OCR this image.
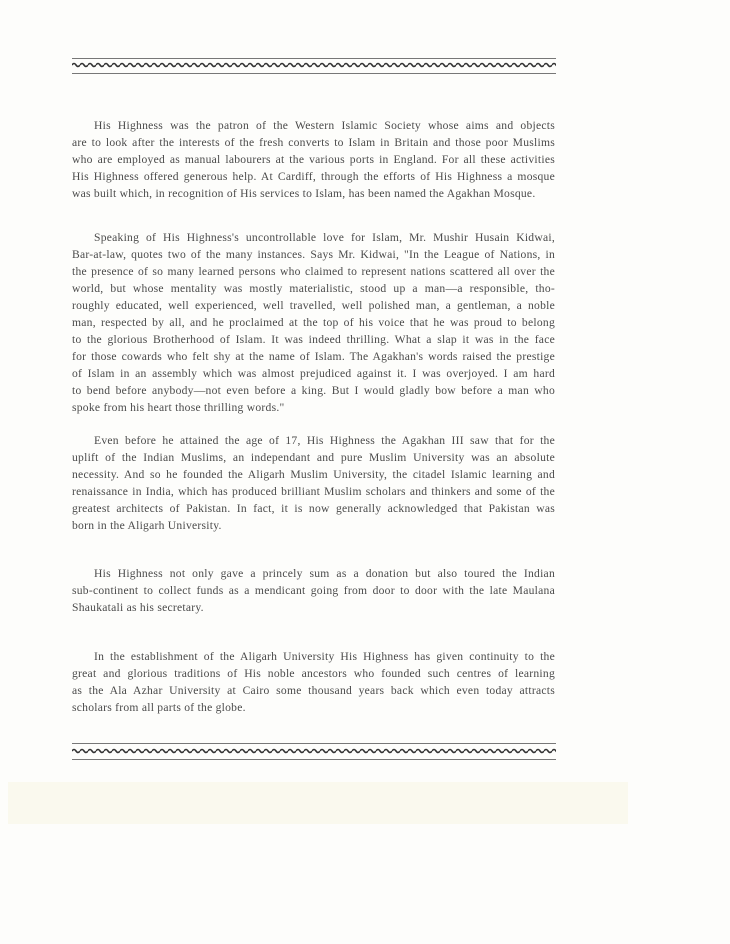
His Highness was the patron of the Western Islamic Society whose aims and objects
are to look after the interests of the fresh converts to Islam in Britain and those poor Muslims
who are employed as manual labourers at the various ports in England. For all these activities
His Highness offered generous help. At Cardiff, through the efforts of His Highness a mosque
was built which, in recognition of His services to Islam, has been named the Agakhan Mosque.
Speaking of His Highness's uncontrollable love for Islam, Mr. Mushir Husain Kidwai,
Bar-at-law, quotes two of the many instances. Says Mr. Kidwai, "In the League of Nations, in
the presence of so many learned persons who claimed to represent nations scattered all over the
world, but whose mentality was mostly materialistic, stood up a man—a responsible, tho-
roughly educated, well experienced, well travelled, well polished man, a gentleman, a noble
man, respected by all, and he proclaimed at the top of his voice that he was proud to belong
to the glorious Brotherhood of Islam. It was indeed thrilling. What a slap it was in the face
for those cowards who felt shy at the name of Islam. The Agakhan's words raised the prestige
of Islam in an assembly which was almost prejudiced against it. I was overjoyed. I am hard
to bend before anybody—not even before a king. But I would gladly bow before a man who
spoke from his heart those thrilling words."
Even before he attained the age of 17, His Highness the Agakhan III saw that for the
uplift of the Indian Muslims, an independant and pure Muslim University was an absolute
necessity. And so he founded the Aligarh Muslim University, the citadel Islamic learning and
renaissance in India, which has produced brilliant Muslim scholars and thinkers and some of the
greatest architects of Pakistan. In fact, it is now generally acknowledged that Pakistan was
born in the Aligarh University.
His Highness not only gave a princely sum as a donation but also toured the Indian
sub-continent to collect funds as a mendicant going from door to door with the late Maulana
Shaukatali as his secretary.
In the establishment of the Aligarh University His Highness has given continuity to the
great and glorious traditions of His noble ancestors who founded such centres of learning
as the Ala Azhar University at Cairo some thousand years back which even today attracts
scholars from all parts of the globe.
